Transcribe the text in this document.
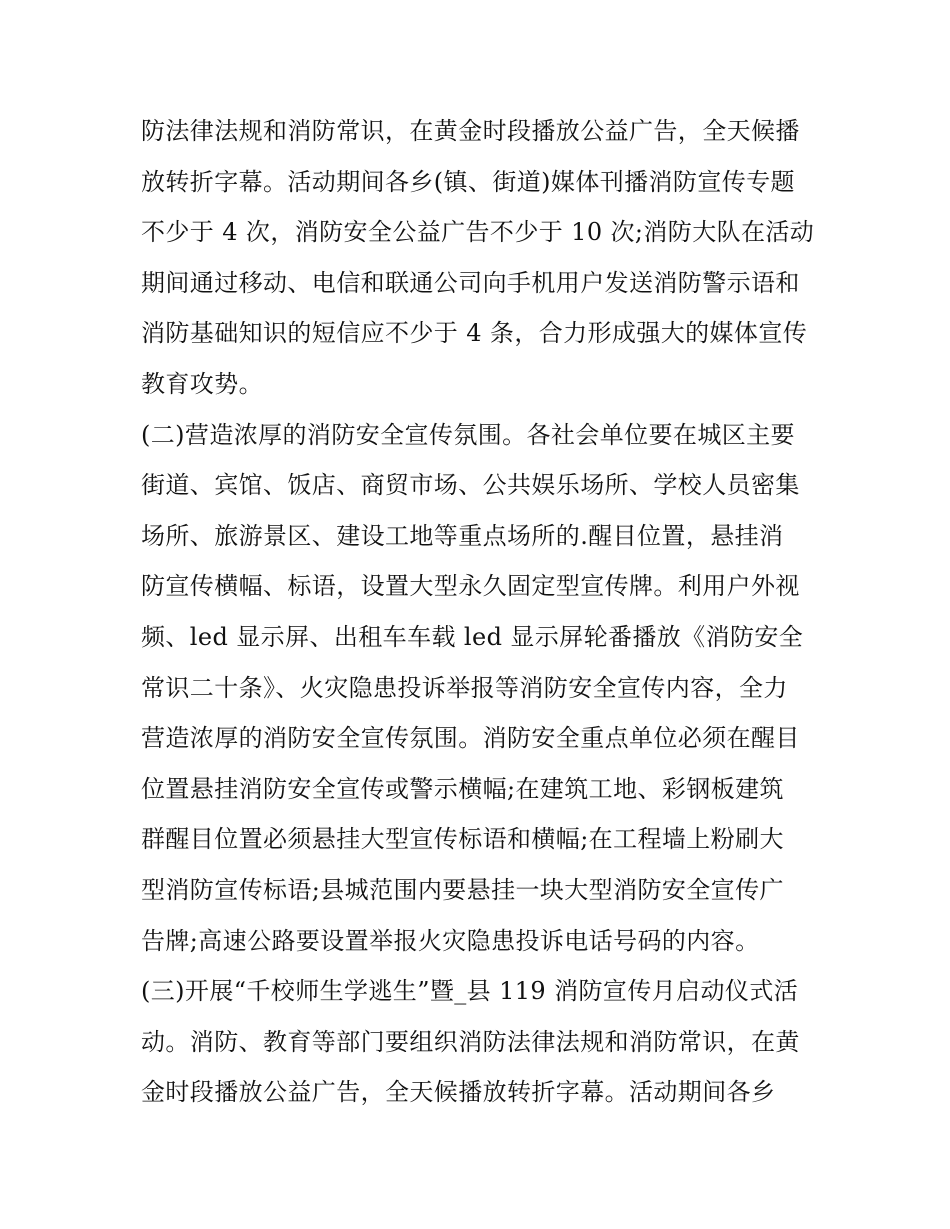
防法律法规和消防常识，在黄金时段播放公益广告，全天候播
放转折字幕。活动期间各乡(镇、街道)媒体刊播消防宣传专题
不少于 4 次，消防安全公益广告不少于 10 次;消防大队在活动
期间通过移动、电信和联通公司向手机用户发送消防警示语和
消防基础知识的短信应不少于 4 条，合力形成强大的媒体宣传
教育攻势。
(二)营造浓厚的消防安全宣传氛围。各社会单位要在城区主要
街道、宾馆、饭店、商贸市场、公共娱乐场所、学校人员密集
场所、旅游景区、建设工地等重点场所的.醒目位置，悬挂消
防宣传横幅、标语，设置大型永久固定型宣传牌。利用户外视
频、led 显示屏、出租车车载 led 显示屏轮番播放《消防安全
常识二十条》、火灾隐患投诉举报等消防安全宣传内容，全力
营造浓厚的消防安全宣传氛围。消防安全重点单位必须在醒目
位置悬挂消防安全宣传或警示横幅;在建筑工地、彩钢板建筑
群醒目位置必须悬挂大型宣传标语和横幅;在工程墙上粉刷大
型消防宣传标语;县城范围内要悬挂一块大型消防安全宣传广
告牌;高速公路要设置举报火灾隐患投诉电话号码的内容。
(三)开展“千校师生学逃生”暨_县 119 消防宣传月启动仪式活
动。消防、教育等部门要组织消防法律法规和消防常识，在黄
金时段播放公益广告，全天候播放转折字幕。活动期间各乡
